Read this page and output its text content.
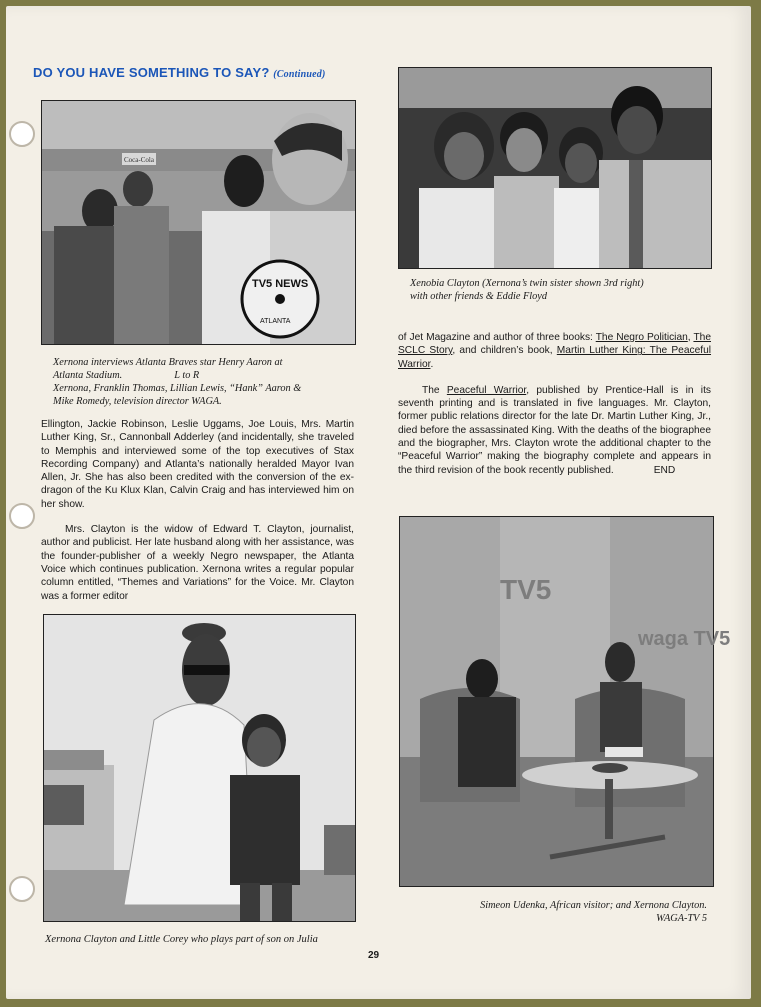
DO YOU HAVE SOMETHING TO SAY? (Continued)
Coca-Cola
TV5 NEWS
ATLANTA
Xernona interviews Atlanta Braves star Henry Aaron at
Atlanta Stadium.	L to R
Xernona, Franklin Thomas, Lillian Lewis, “Hank” Aaron &
Mike Romedy, television director WAGA.

Ellington, Jackie Robinson, Leslie Uggams, Joe Louis, Mrs. Martin Luther King, Sr., Cannonball Adderley (and incidentally, she traveled to Memphis and interviewed some of the top executives of Stax Recording Company) and Atlanta’s nationally heralded Mayor Ivan Allen, Jr. She has also been credited with the conversion of the ex-dragon of the Ku Klux Klan, Calvin Craig and has interviewed him on her show.

Mrs. Clayton is the widow of Edward T. Clayton, journalist, author and publicist. Her late husband along with her assistance, was the founder-publisher of a weekly Negro newspaper, the Atlanta Voice which continues publication. Xernona writes a regular popular column entitled, “Themes and Variations” for the Voice. Mr. Clayton was a former editor

Xenobia Clayton (Xernona’s twin sister shown 3rd right)
with other friends & Eddie Floyd

of Jet Magazine and author of three books: The Negro Politician, The SCLC Story, and children’s book, Martin Luther King: The Peaceful Warrior.

The Peaceful Warrior, published by Prentice-Hall is in its seventh printing and is translated in five languages. Mr. Clayton, former public relations director for the late Dr. Martin Luther King, Jr., died before the assassinated King. With the deaths of the biographee and the biographer, Mrs. Clayton wrote the additional chapter to the “Peaceful Warrior” making the biography complete and appears in the third revision of the book recently published.	END

Xernona Clayton and Little Corey who plays part of son on Julia
TV5
waga TV5
Simeon Udenka, African visitor; and Xernona Clayton.
WAGA-TV 5
29
